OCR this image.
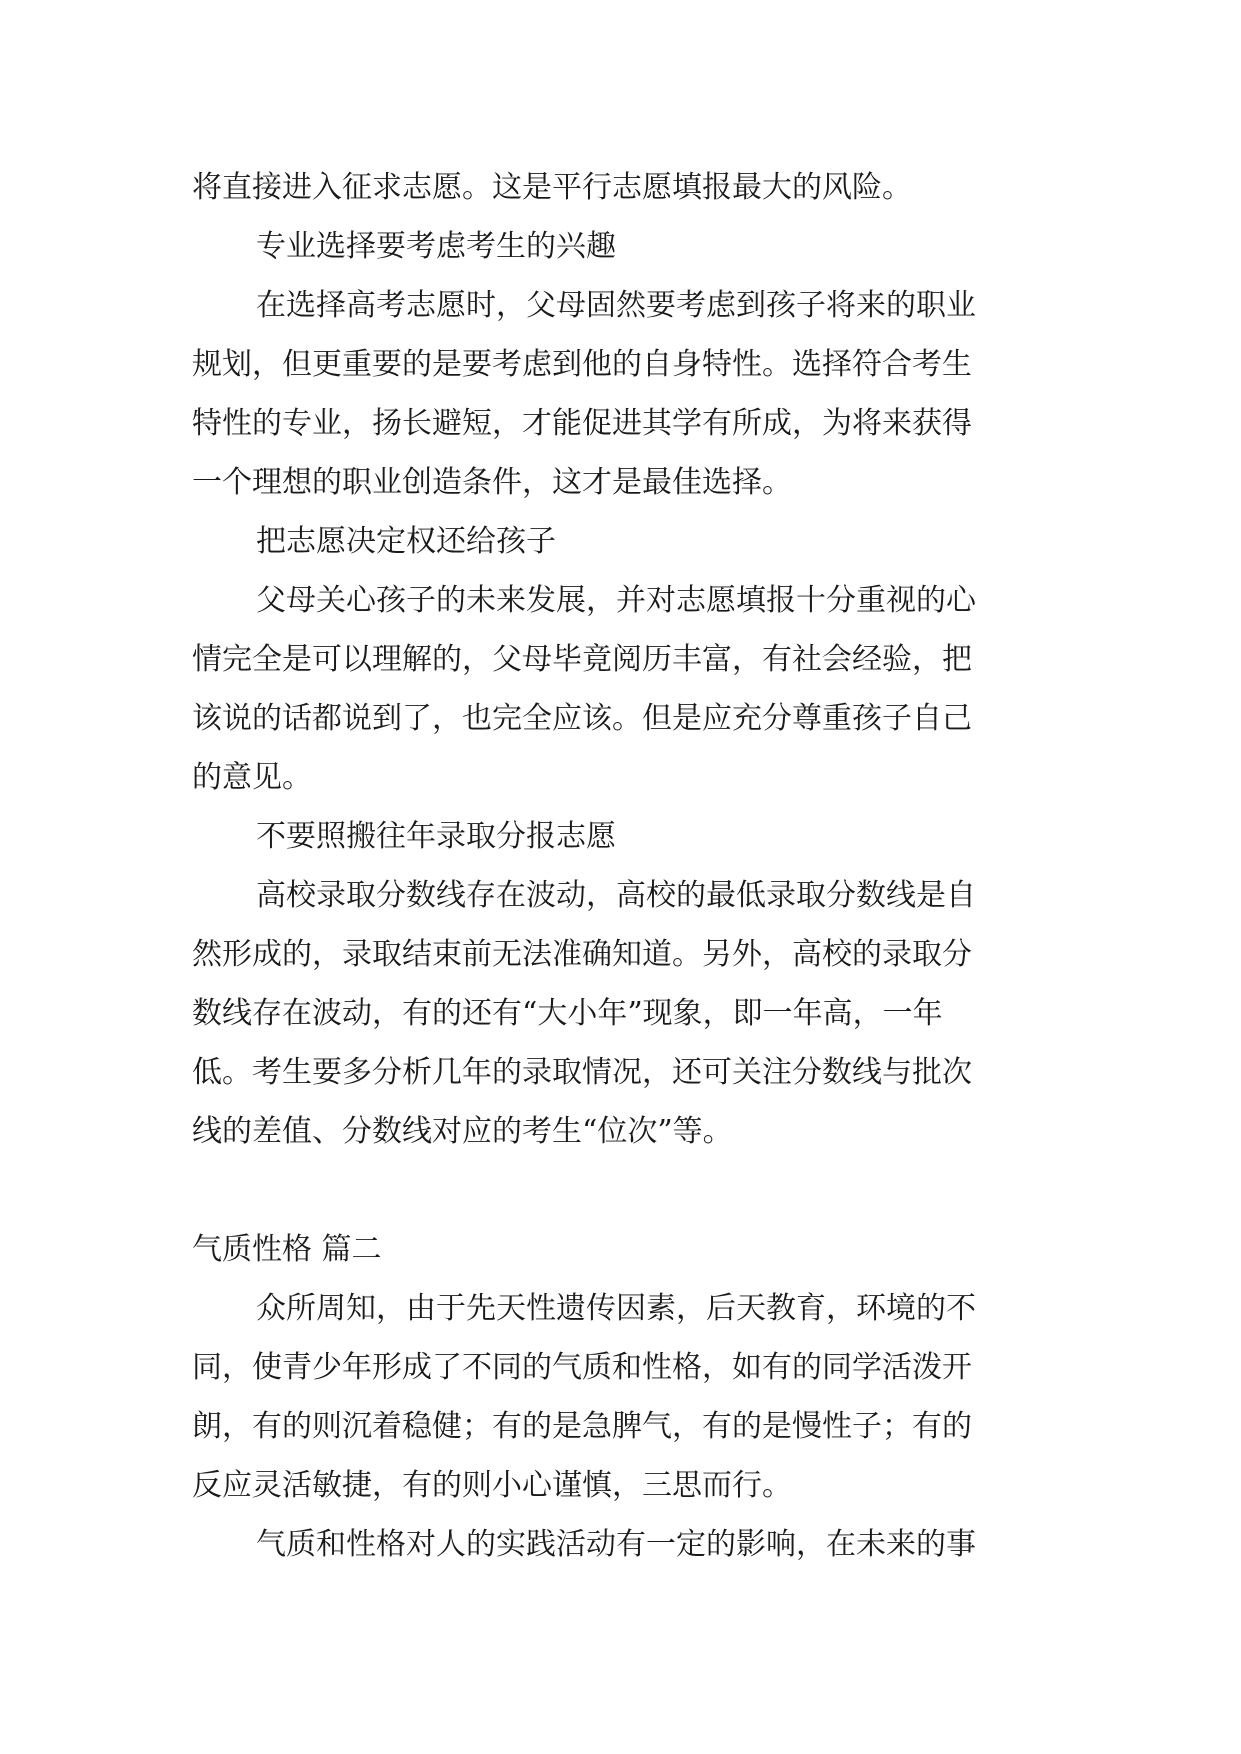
将直接进入征求志愿。这是平行志愿填报最大的风险。
专业选择要考虑考生的兴趣
在选择高考志愿时，父母固然要考虑到孩子将来的职业
规划，但更重要的是要考虑到他的自身特性。选择符合考生
特性的专业，扬长避短，才能促进其学有所成，为将来获得
一个理想的职业创造条件，这才是最佳选择。
把志愿决定权还给孩子
父母关心孩子的未来发展，并对志愿填报十分重视的心
情完全是可以理解的，父母毕竟阅历丰富，有社会经验，把
该说的话都说到了，也完全应该。但是应充分尊重孩子自己
的意见。
不要照搬往年录取分报志愿
高校录取分数线存在波动，高校的最低录取分数线是自
然形成的，录取结束前无法准确知道。另外，高校的录取分
数线存在波动，有的还有“大小年”现象，即一年高，一年
低。考生要多分析几年的录取情况，还可关注分数线与批次
线的差值、分数线对应的考生“位次”等。
气质性格 篇二
众所周知，由于先天性遗传因素，后天教育，环境的不
同，使青少年形成了不同的气质和性格，如有的同学活泼开
朗，有的则沉着稳健；有的是急脾气，有的是慢性子；有的
反应灵活敏捷，有的则小心谨慎，三思而行。
气质和性格对人的实践活动有一定的影响，在未来的事
